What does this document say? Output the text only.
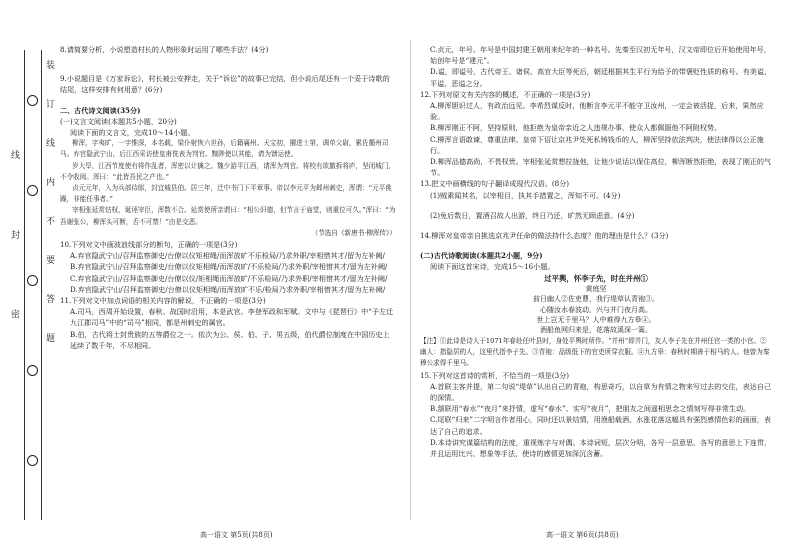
装订线内不要答题
线 封 密

8.请简要分析，小说塑造村长的人物形象时运用了哪些手法？(4分)

9.小说题目是《万家诉讼》，村长被公安押走，关于“诉讼”的故事已完结，但小说后尾还有一个妥于诗歌的结尾，这样安排有何用意？(6分)

二、古代诗文阅读(35分)

(一)文言文阅读(本题共5小题，20分)

阅读下面的文言文，完成10～14小题。

柳浑，字夷旷，一字惟深，本名载，梁仆射恢六世孙，后籍襄州。天宝初，擢进士第，调单父尉，累佐衢州司马。弃官隐武宁山，后江西采访使皇甫侁表为判官。黜陟使以其能，请为馈运使。

岁大旱，江西节度使有将作乱者，浑密以计擒之。魏少游平江西，请浑为判官。将校有欲撤拆将庐，坚闭城门，不令收阅。浑曰：“此皆吾民之产也。”

贞元元年，入为兵部侍郎，封宜城县伯。居三年，迁中书门下平章事。帝以李元平为邺州刺史，浑谓：“元平佻躁，非能任事者。”

宰相张延赏怙权，诞诬宰臣，浑数不合。延赏使所亲谓曰：“相公旧德，但节言于庙堂，则重位可久。”浑曰：“为吾谢张公，柳浑头可断，舌不可禁！”由是交恶。

（节选自《新唐书·柳浑传》）

10.下列对文中画波浪线部分的断句，正确的一项是(3分)

A.弃官隐武宁山/召拜监察御史/台僚以仪矩相绳/而浑放旷不乐检局/乃求外职/宰相惜其才/留为左补阙/

B.弃官隐武宁山/召拜监察御史/台僚以仪矩相绳/而浑放旷/不乐检局/乃求外职/宰相惜其才/留为左补阙/

C.弃官隐武宁山/召拜监察御史/台僚以仪/矩相绳而浑放旷/不乐检局/乃求外职/宰相惜其才/留为左补阙/

D.弃官隐武宁山/召拜监察御史/台僚以仪矩相绳/而浑放旷不乐/检局乃求外职/宰相惜其才/留为左补阙/

11.下列对文中加点词语的相关内容的解说，不正确的一项是(3分)

A.司马，西周开始设置，春秋、战国时沿用，本是武官。李登军政和军赋。文中与《琵琶行》中“予左迁九江郡司马”中的“司马”相同，都是州刺史的属官。

B.伯，古代将士封贵族的五等爵位之一。依次为公、侯、伯、子、男五级，伯代爵位制度在中国历史上延续了数千年，不尽相同。

C.贞元，年号。年号是中国封建王朝用来纪年的一种名号。先秦至汉初无年号，汉文帝即位后开始使用年号，始创年号是“建元”。

D.谥，即谥号，古代帝王、诸侯、高官大臣等死后，朝廷根据其生平行为给予的带褒贬性质的称号。有美谥、平谥、恶谥之分。

12.下列对原文有关内容的概述，不正确的一项是(3分)

A.柳浑胆识过人，有政治远见。李希烈谋反时，他断言李元平不能守卫汝州，一定会被活捉，后来，果然应验。

B.柳浑刚正不阿，坚持原则，他拒绝为皇帝亲近之人违规办事，使众人都佩服他不阿附权势。

C.柳浑言语敢谏，尊重法律。皇帝下诏让京兆尹处死私铸钱币的人，柳浑坚持依法判决，使法律得以公正施行。

D.柳浑品德高尚，不畏权贵。宰相张延赏想拉拢他，让他少说话以保住高位，柳浑断然拒绝，表现了刚正的气节。

13.把文中画横线的句子翻译成现代汉语。(8分)

(1)贼素闻其名，以宰相目，执其手措置之，浑知不可。(4分)

(2)免后数日，置酒召故人出游，终日乃还，旷然无顾虑意。(4分)

14.柳浑对皇帝亲自挑选京兆尹任命的做法持什么态度？他的理由是什么？(3分)

(二)古代诗歌阅读(本题共2小题，9分)

阅读下面这首宋诗，完成15～16小题。

过平舆，怀李子先，时在并州①

黄庭坚

前日幽人②佐吏曹，我行堤草认青袍③。

心随汝水春波动，兴与并门夜月高。

世上岂无千里马？人中难得九方皋④。

酒船鱼网归来是，花落故溪深一篙。

【注】①此诗是诗人于1071年春赴任叶县时，身处平舆时所作。“并州”即并门，友人李子先在并州任官一类的小官。②幽人：指隐居的人，这里代指李子先。③青袍：品级低下的官吏所穿衣服。④九方皋：春秋时期善于相马的人。他曾为秦穆公求得千里马。

15.下列对这首诗的赏析，不恰当的一项是(3分)

A.首联主客并提，第二句说“堤草”认出自己的青袍，构思奇巧，以自草为有情之物来写过去的交往，表达自己的深情。

B.颔联用“春水”“夜月”来抒情，虚写“春水”、实写“夜月”，把朋友之间遥相思念之情刻写得非常生动。

C.尾联“归来”二字明言作者用心，同时还以景结情，用渔船载酒、水涨花落这幅具有强烈感情色彩的画面，表达了自己的追求。

D.本诗讲究谋篇结构的法度，重视炼字与对偶。本诗词短，层次分明，各写一层意思，各写的意思上下连贯，并且运用比兴、想象等手法，使诗的感情更加深沉含蓄。

高一语文 第5页(共8页)	高一语文 第6页(共8页)
